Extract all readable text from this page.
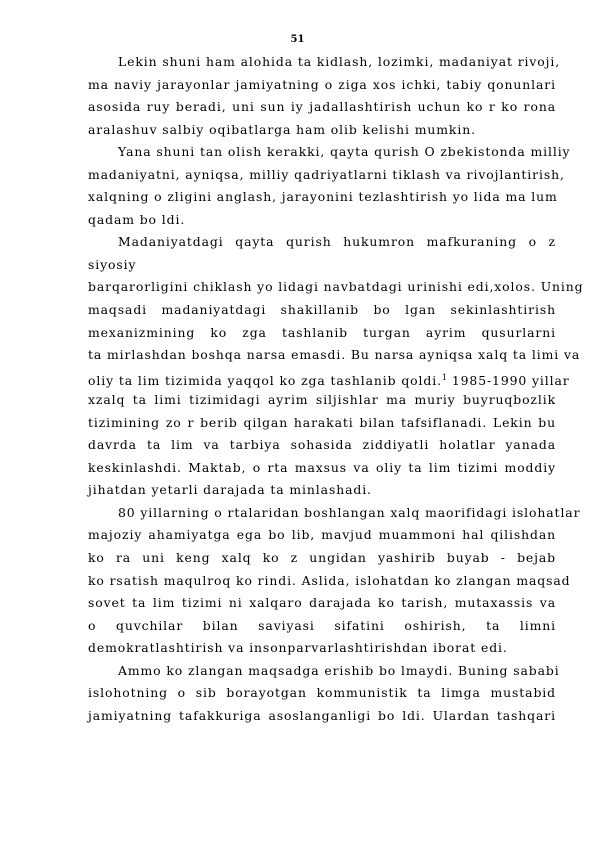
51
Lekin shuni ham alohida ta kidlash, lozimki, madaniyat rivoji,
ma naviy jarayonlar jamiyatning o ziga xos ichki, tabiy qonunlari
asosida ruy beradi, uni sun iy jadallashtirish uchun ko r ko rona
aralashuv salbiy oqibatlarga ham olib kelishi mumkin.
Yana shuni tan olish kerakki, qayta qurish O zbekistonda milliy
madaniyatni, ayniqsa, milliy qadriyatlarni tiklash va rivojlantirish,
xalqning o zligini anglash, jarayonini tezlashtirish yo lida ma lum
qadam bo ldi.
Madaniyatdagi qayta qurish hukumron mafkuraning o z
siyosiy
barqarorligini chiklash yo lidagi navbatdagi urinishi edi,xolos. Uning
maqsadi madaniyatdagi shakillanib bo lgan sekinlashtirish
mexanizmining ko zga tashlanib turgan ayrim qusurlarni
ta mirlashdan boshqa narsa emasdi. Bu narsa ayniqsa xalq ta limi va
oliy ta lim tizimida yaqqol ko zga tashlanib qoldi.$^1$ 1985-1990 yillar
xzalq ta limi tizimidagi ayrim siljishlar ma muriy buyruqbozlik
tizimining zo r berib qilgan harakati bilan tafsiflanadi. Lekin bu
davrda ta lim va tarbiya sohasida ziddiyatli holatlar yanada
keskinlashdi. Maktab, o rta maxsus va oliy ta lim tizimi moddiy
jihatdan yetarli darajada ta minlashadi.
80 yillarning o rtalaridan boshlangan xalq maorifidagi islohatlar
majoziy ahamiyatga ega bo lib, mavjud muammoni hal qilishdan
ko ra uni keng xalq ko z ungidan yashirib buyab - bejab
ko rsatish maqulroq ko rindi. Aslida, islohatdan ko zlangan maqsad
sovet ta lim tizimi ni xalqaro darajada ko tarish, mutaxassis va
o quvchilar bilan saviyasi sifatini oshirish, ta limni
demokratlashtirish va insonparvarlashtirishdan iborat edi.
Ammo ko zlangan maqsadga erishib bo lmaydi. Buning sababi
islohotning o sib borayotgan kommunistik ta limga mustabid
jamiyatning tafakkuriga asoslanganligi bo ldi. Ulardan tashqari
